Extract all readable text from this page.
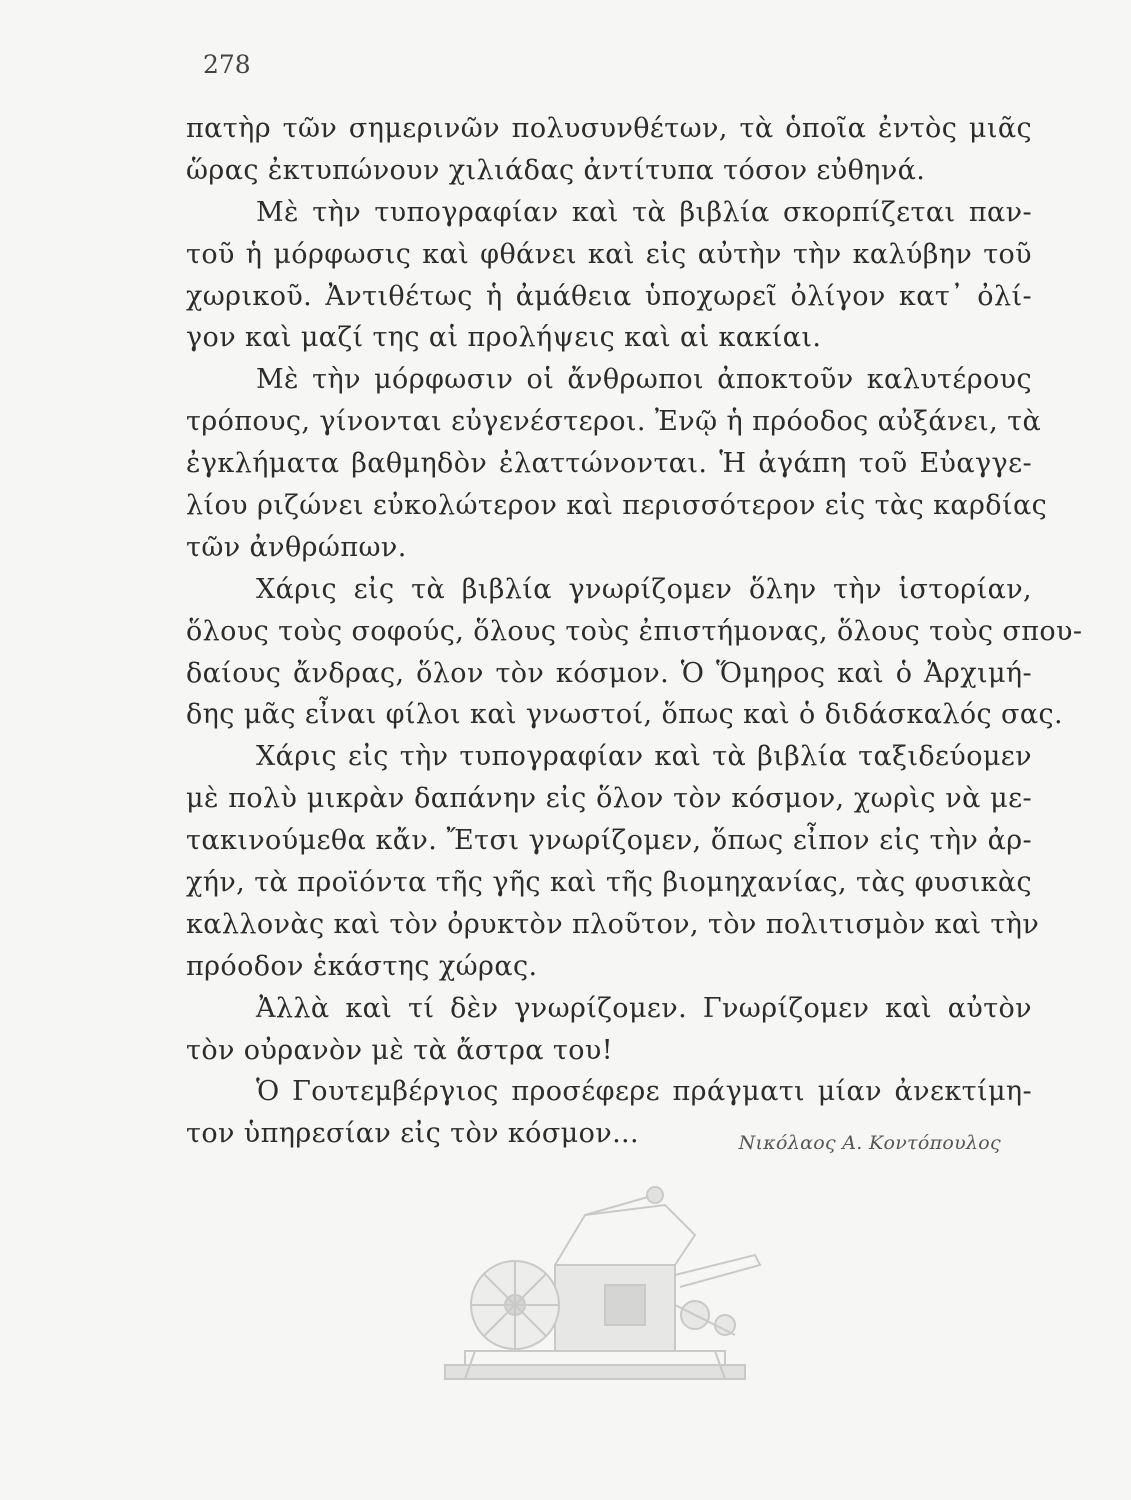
278
πατὴρ τῶν σημερινῶν πολυσυνθέτων, τὰ ὁποῖα ἐντὸς μιᾶς
ὥρας ἐκτυπώνουν χιλιάδας ἀντίτυπα τόσον εὐθηνά.
Μὲ τὴν τυπογραφίαν καὶ τὰ βιβλία σκορπίζεται παν-
τοῦ ἡ μόρφωσις καὶ φθάνει καὶ εἰς αὐτὴν τὴν καλύβην τοῦ
χωρικοῦ. Ἀντιθέτως ἡ ἀμάθεια ὑποχωρεῖ ὀλίγον κατ᾿ ὀλί-
γον καὶ μαζί της αἱ προλήψεις καὶ αἱ κακίαι.
Μὲ τὴν μόρφωσιν οἱ ἄνθρωποι ἀποκτοῦν καλυτέρους
τρόπους, γίνονται εὐγενέστεροι. Ἐνῷ ἡ πρόοδος αὐξάνει, τὰ
ἐγκλήματα βαθμηδὸν ἐλαττώνονται. Ἡ ἀγάπη τοῦ Εὐαγγε-
λίου ριζώνει εὐκολώτερον καὶ περισσότερον εἰς τὰς καρδίας
τῶν ἀνθρώπων.
Χάρις εἰς τὰ βιβλία γνωρίζομεν ὅλην τὴν ἱστορίαν,
ὅλους τοὺς σοφούς, ὅλους τοὺς ἐπιστήμονας, ὅλους τοὺς σπου-
δαίους ἄνδρας, ὅλον τὸν κόσμον. Ὁ Ὅμηρος καὶ ὁ Ἀρχιμή-
δης μᾶς εἶναι φίλοι καὶ γνωστοί, ὅπως καὶ ὁ διδάσκαλός σας.
Χάρις εἰς τὴν τυπογραφίαν καὶ τὰ βιβλία ταξιδεύομεν
μὲ πολὺ μικρὰν δαπάνην εἰς ὅλον τὸν κόσμον, χωρὶς νὰ με-
τακινούμεθα κἄν. Ἔτσι γνωρίζομεν, ὅπως εἶπον εἰς τὴν ἀρ-
χήν, τὰ προϊόντα τῆς γῆς καὶ τῆς βιομηχανίας, τὰς φυσικὰς
καλλονὰς καὶ τὸν ὀρυκτὸν πλοῦτον, τὸν πολιτισμὸν καὶ τὴν
πρόοδον ἑκάστης χώρας.
Ἀλλὰ καὶ τί δὲν γνωρίζομεν. Γνωρίζομεν καὶ αὐτὸν
τὸν οὐρανὸν μὲ τὰ ἄστρα του!
Ὁ Γουτεμβέργιος προσέφερε πράγματι μίαν ἀνεκτίμη-
τον ὑπηρεσίαν εἰς τὸν κόσμον...	Νικόλαος Α. Κοντόπουλος
